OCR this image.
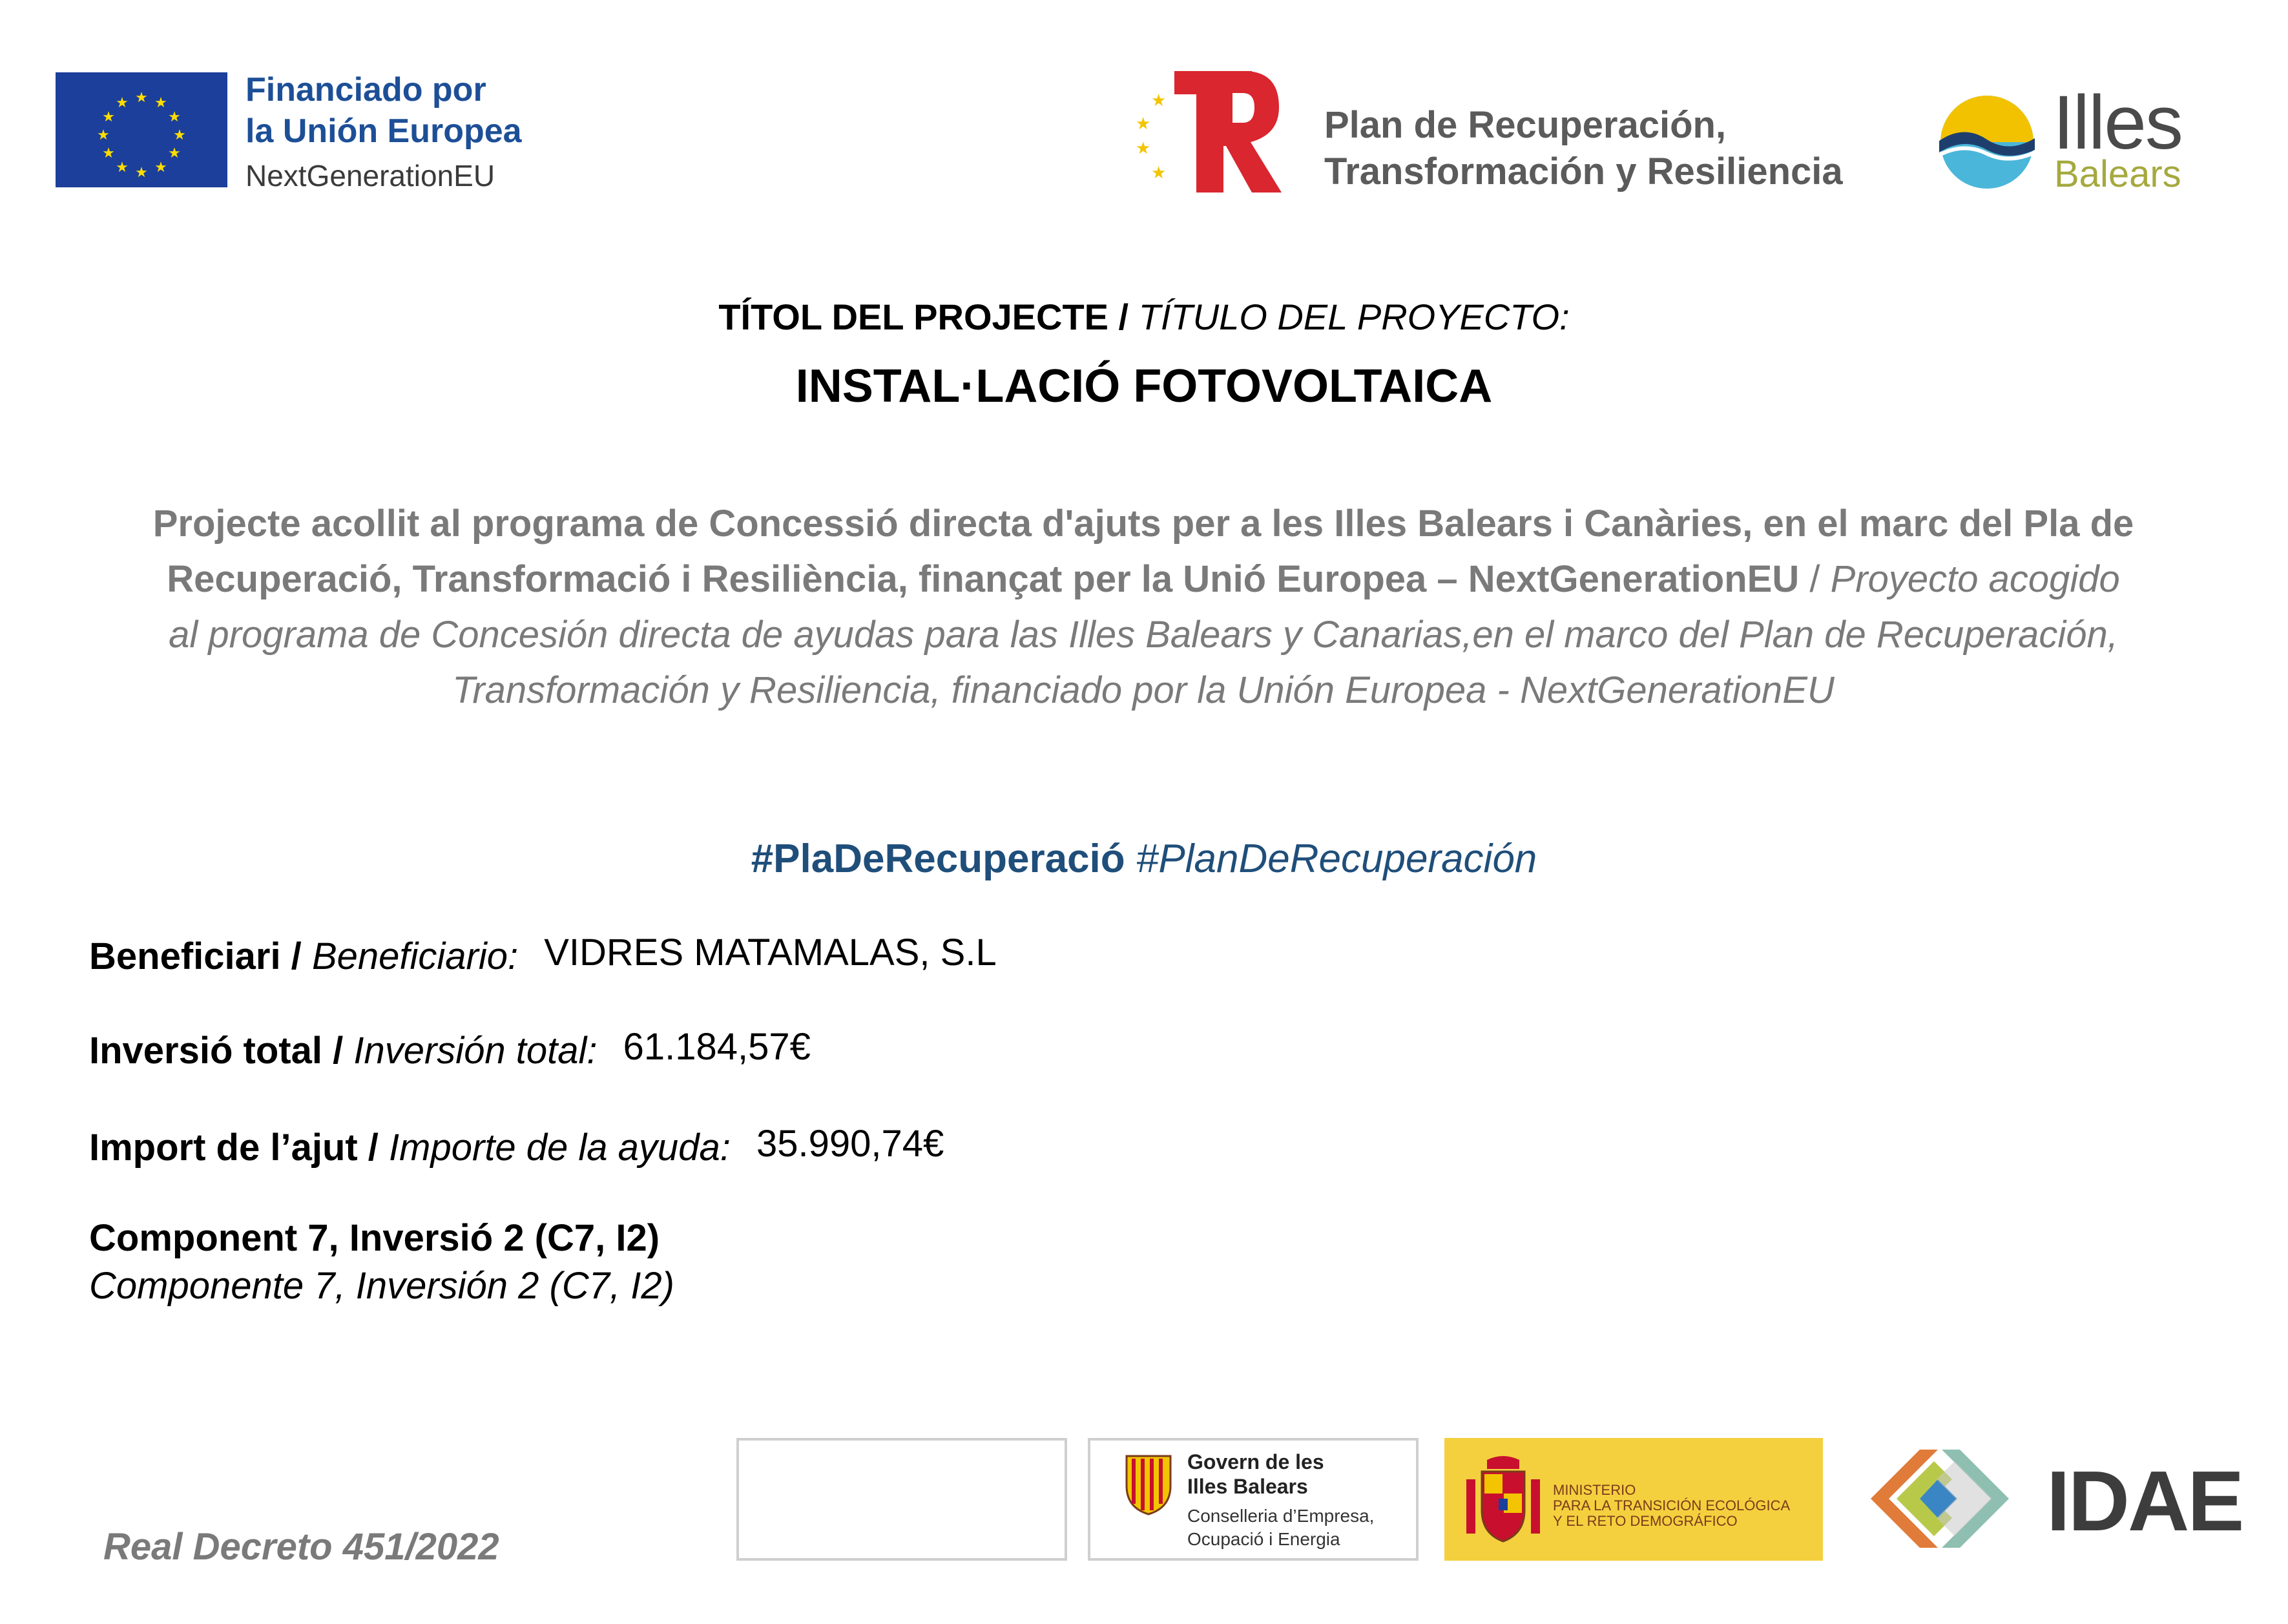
★ ★
★
★
★
★
★
★
★
★
★
★	Financiado por
la Unión Europea
NextGenerationEU
★
★
★
★
Plan de Recuperación,
Transformación y Resiliencia
Illes
Balears
TÍTOL DEL PROJECTE / TÍTULO DEL PROYECTO:
INSTAL·LACIÓ FOTOVOLTAICA
Projecte acollit al programa de Concessió directa d'ajuts per a les Illes Balears i Canàries, en el marc del Pla de Recuperació, Transformació i Resiliència, finançat per la Unió Europea – NextGenerationEU / Proyecto acogido al programa de Concesión directa de ayudas para las Illes Balears y Canarias,en el marco del Plan de Recuperación, Transformación y Resiliencia, financiado por la Unión Europea - NextGenerationEU
#PlaDeRecuperació #PlanDeRecuperación
Beneficiari / Beneficiario: VIDRES MATAMALAS, S.L
Inversió total / Inversión total: 61.184,57€
Import de l’ajut / Importe de la ayuda: 35.990,74€
Component 7, Inversió 2 (C7, I2)
Componente 7, Inversión 2 (C7, I2)
Real Decreto 451/2022
Govern de les
Illes Balears
Conselleria d’Empresa,
Ocupació i Energia
MINISTERIO
PARA LA TRANSICIÓN ECOLÓGICA
Y EL RETO DEMOGRÁFICO	IDAE
